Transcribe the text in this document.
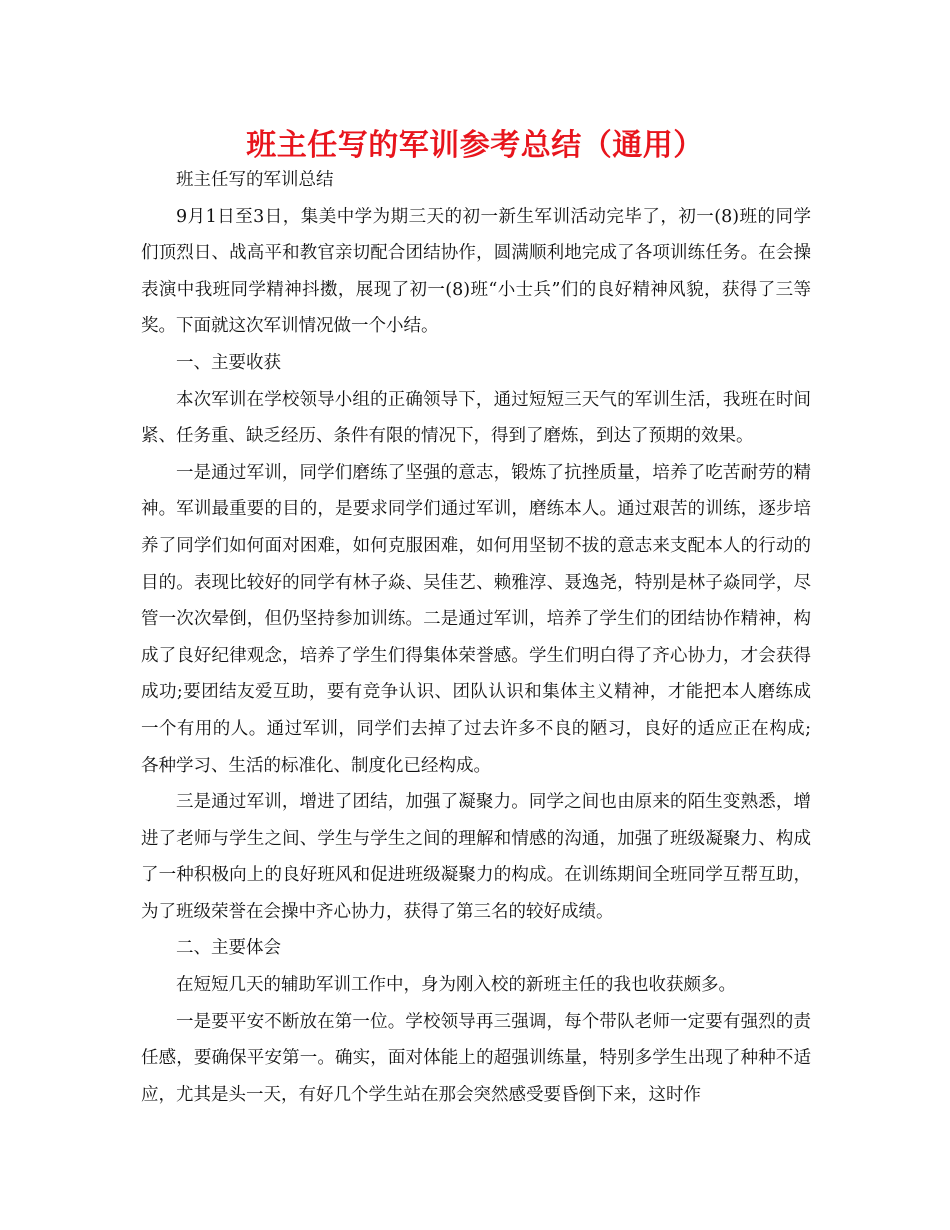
班主任写的军训参考总结（通用）

班主任写的军训总结

9月1日至3日，集美中学为期三天的初一新生军训活动完毕了，初一(8)班的同学们顶烈日、战高平和教官亲切配合团结协作，圆满顺利地完成了各项训练任务。在会操表演中我班同学精神抖擞，展现了初一(8)班“小士兵”们的良好精神风貌，获得了三等奖。下面就这次军训情况做一个小结。

一、主要收获

本次军训在学校领导小组的正确领导下，通过短短三天气的军训生活，我班在时间紧、任务重、缺乏经历、条件有限的情况下，得到了磨炼，到达了预期的效果。

一是通过军训，同学们磨练了坚强的意志，锻炼了抗挫质量，培养了吃苦耐劳的精神。军训最重要的目的，是要求同学们通过军训，磨练本人。通过艰苦的训练，逐步培养了同学们如何面对困难，如何克服困难，如何用坚韧不拔的意志来支配本人的行动的目的。表现比较好的同学有林子焱、吴佳艺、赖雅淳、聂逸尧，特别是林子焱同学，尽管一次次晕倒，但仍坚持参加训练。二是通过军训，培养了学生们的团结协作精神，构成了良好纪律观念，培养了学生们得集体荣誉感。学生们明白得了齐心协力，才会获得成功;要团结友爱互助，要有竞争认识、团队认识和集体主义精神，才能把本人磨练成一个有用的人。通过军训，同学们去掉了过去许多不良的陋习，良好的适应正在构成;各种学习、生活的标准化、制度化已经构成。

三是通过军训，增进了团结，加强了凝聚力。同学之间也由原来的陌生变熟悉，增进了老师与学生之间、学生与学生之间的理解和情感的沟通，加强了班级凝聚力、构成了一种积极向上的良好班风和促进班级凝聚力的构成。在训练期间全班同学互帮互助，为了班级荣誉在会操中齐心协力，获得了第三名的较好成绩。

二、主要体会

在短短几天的辅助军训工作中，身为刚入校的新班主任的我也收获颇多。

一是要平安不断放在第一位。学校领导再三强调，每个带队老师一定要有强烈的责任感，要确保平安第一。确实，面对体能上的超强训练量，特别多学生出现了种种不适应，尤其是头一天，有好几个学生站在那会突然感受要昏倒下来，这时作
